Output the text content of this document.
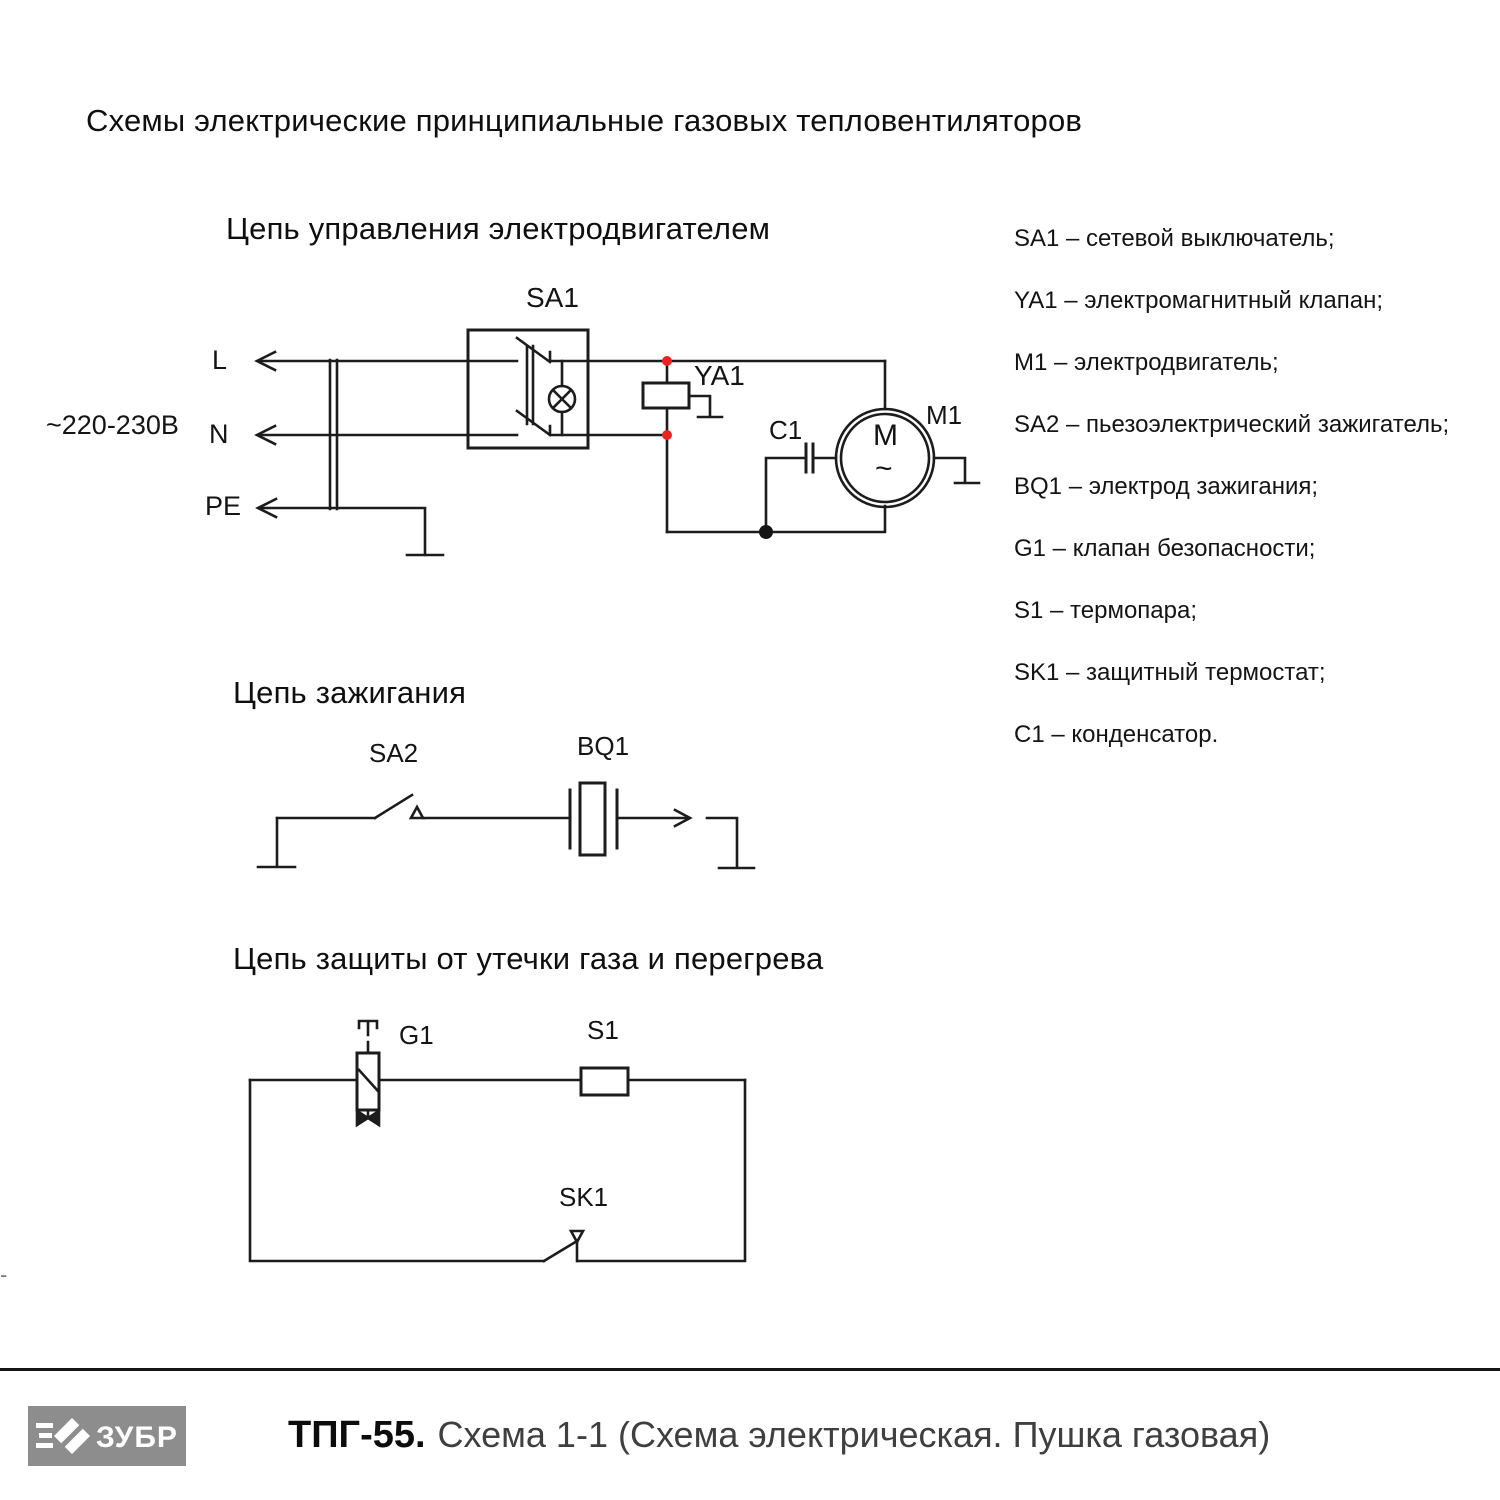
Схемы электрические принципиальные газовых тепловентиляторов
Цепь управления электродвигателем
~220-230В
L
N
PE
SA1
YA1
C1	M1
M
~
Цепь зажигания
SA2	BQ1
Цепь защиты от утечки газа и перегрева
G1	S1
SK1
SA1 – сетевой выключатель;
YA1 – электромагнитный клапан;
M1 – электродвигатель;
SA2 – пьезоэлектрический зажигатель;
BQ1 – электрод зажигания;
G1 – клапан безопасности;
S1 – термопара;
SK1 – защитный термостат;
C1 – конденсатор.
-
ЗУБР	ТПГ-55. Схема 1-1 (Схема электрическая. Пушка газовая)
